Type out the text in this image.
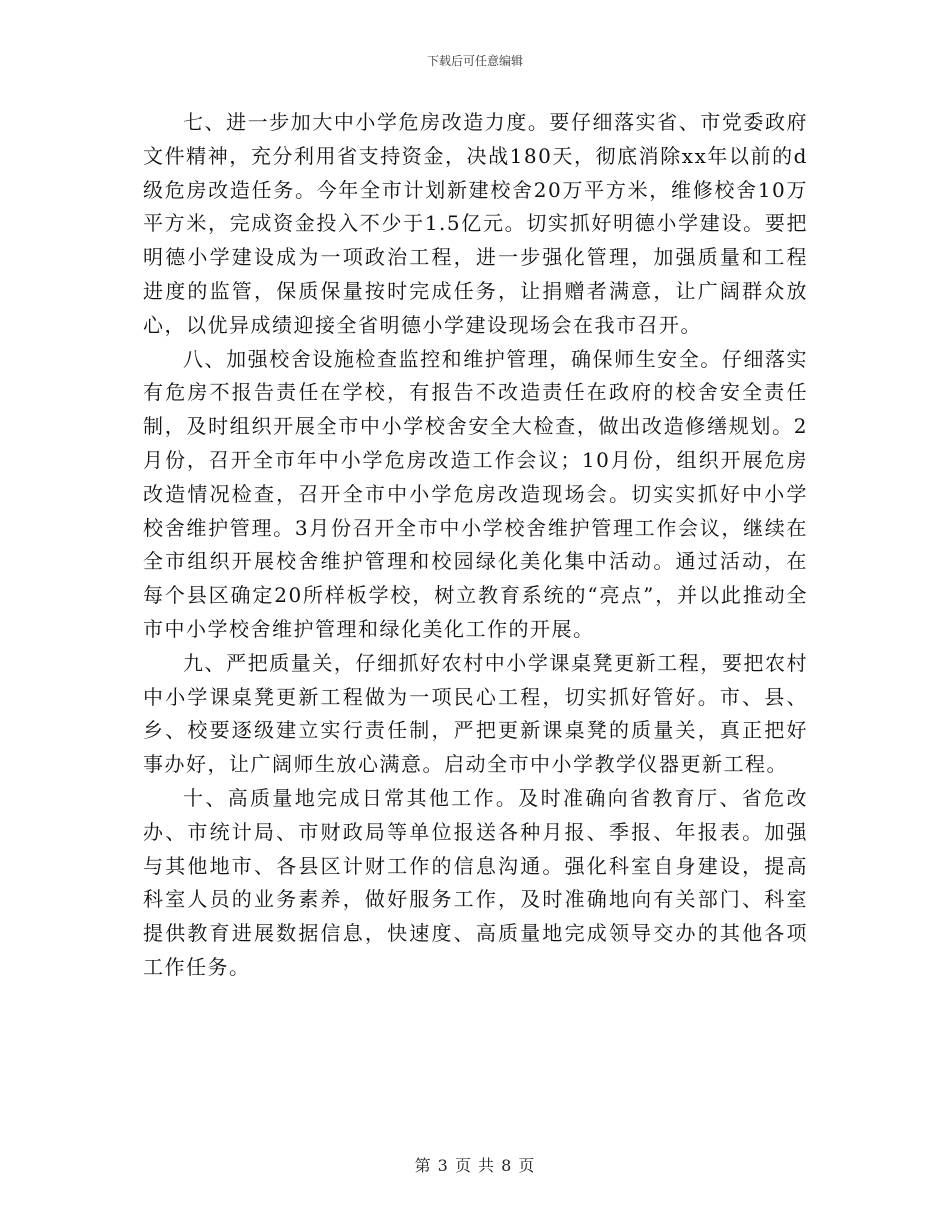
下载后可任意编辑

七、进一步加大中小学危房改造力度。要仔细落实省、市党委政府文件精神，充分利用省支持资金，决战180天，彻底消除xx年以前的d级危房改造任务。今年全市计划新建校舍20万平方米，维修校舍10万平方米，完成资金投入不少于1.5亿元。切实抓好明德小学建设。要把明德小学建设成为一项政治工程，进一步强化管理，加强质量和工程进度的监管，保质保量按时完成任务，让捐赠者满意，让广阔群众放心，以优异成绩迎接全省明德小学建设现场会在我市召开。

八、加强校舍设施检查监控和维护管理，确保师生安全。仔细落实有危房不报告责任在学校，有报告不改造责任在政府的校舍安全责任制，及时组织开展全市中小学校舍安全大检查，做出改造修缮规划。2月份，召开全市年中小学危房改造工作会议；10月份，组织开展危房改造情况检查，召开全市中小学危房改造现场会。切实实抓好中小学校舍维护管理。3月份召开全市中小学校舍维护管理工作会议，继续在全市组织开展校舍维护管理和校园绿化美化集中活动。通过活动，在每个县区确定20所样板学校，树立教育系统的“亮点”，并以此推动全市中小学校舍维护管理和绿化美化工作的开展。

九、严把质量关，仔细抓好农村中小学课桌凳更新工程，要把农村中小学课桌凳更新工程做为一项民心工程，切实抓好管好。市、县、乡、校要逐级建立实行责任制，严把更新课桌凳的质量关，真正把好事办好，让广阔师生放心满意。启动全市中小学教学仪器更新工程。

十、高质量地完成日常其他工作。及时准确向省教育厅、省危改办、市统计局、市财政局等单位报送各种月报、季报、年报表。加强与其他地市、各县区计财工作的信息沟通。强化科室自身建设，提高科室人员的业务素养，做好服务工作，及时准确地向有关部门、科室提供教育进展数据信息，快速度、高质量地完成领导交办的其他各项工作任务。

第 3 页 共 8 页
